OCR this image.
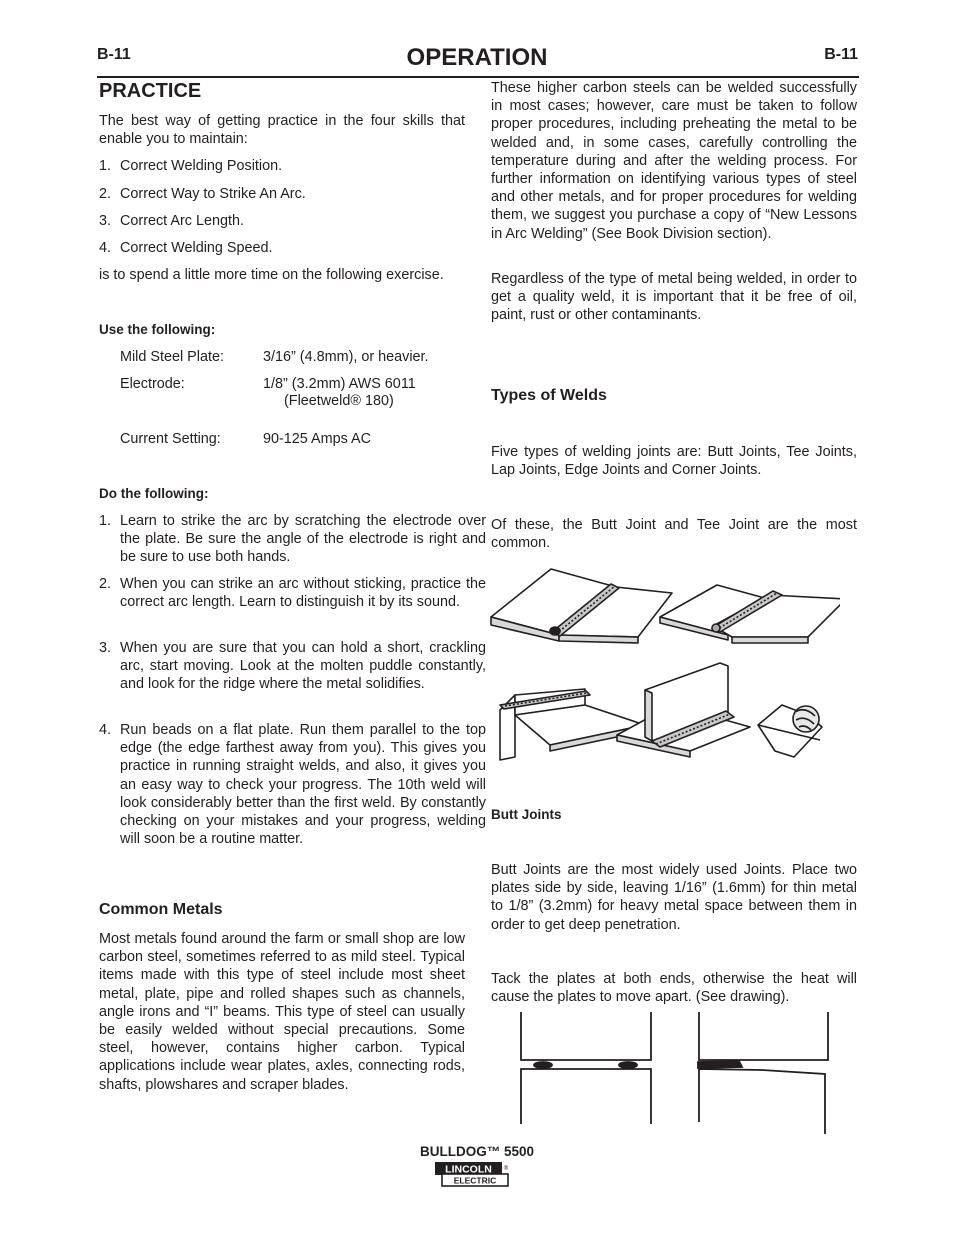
B-11	OPERATION	B-11
PRACTICE
The best way of getting practice in the four skills that enable you to maintain:
1. Correct Welding Position.
2. Correct Way to Strike An Arc.
3. Correct Arc Length.
4. Correct Welding Speed.
is to spend a little more time on the following exercise.
Use the following:
Mild Steel Plate:	3/16” (4.8mm), or heavier.
Electrode:	1/8” (3.2mm) AWS 6011
(Fleetweld® 180)
Current Setting:	90-125 Amps AC
Do the following:
1. Learn to strike the arc by scratching the electrode over the plate. Be sure the angle of the electrode is right and be sure to use both hands.
2. When you can strike an arc without sticking, practice the correct arc length. Learn to distinguish it by its sound.
3. When you are sure that you can hold a short, crackling arc, start moving. Look at the molten puddle constantly, and look for the ridge where the metal solidifies.
4. Run beads on a flat plate. Run them parallel to the top edge (the edge farthest away from you). This gives you practice in running straight welds, and also, it gives you an easy way to check your progress. The 10th weld will look considerably better than the first weld. By constantly checking on your mistakes and your progress, welding will soon be a routine matter.
Common Metals
Most metals found around the farm or small shop are low carbon steel, sometimes referred to as mild steel. Typical items made with this type of steel include most sheet metal, plate, pipe and rolled shapes such as channels, angle irons and “I” beams. This type of steel can usually be easily welded without special precautions. Some steel, however, contains higher carbon. Typical applications include wear plates, axles, connecting rods, shafts, plowshares and scraper blades.
These higher carbon steels can be welded successfully in most cases; however, care must be taken to follow proper procedures, including preheating the metal to be welded and, in some cases, carefully controlling the temperature during and after the welding process. For further information on identifying various types of steel and other metals, and for proper procedures for welding them, we suggest you purchase a copy of “New Lessons in Arc Welding” (See Book Division section).
Regardless of the type of metal being welded, in order to get a quality weld, it is important that it be free of oil, paint, rust or other contaminants.
Types of Welds
Five types of welding joints are: Butt Joints, Tee Joints, Lap Joints, Edge Joints and Corner Joints.
Of these, the Butt Joint and Tee Joint are the most common.
Butt Joints
Butt Joints are the most widely used Joints. Place two plates side by side, leaving 1/16” (1.6mm) for thin metal to 1/8” (3.2mm) for heavy metal space between them in order to get deep penetration.
Tack the plates at both ends, otherwise the heat will cause the plates to move apart. (See drawing).
BULLDOG™ 5500
LINCOLN ®
ELECTRIC
